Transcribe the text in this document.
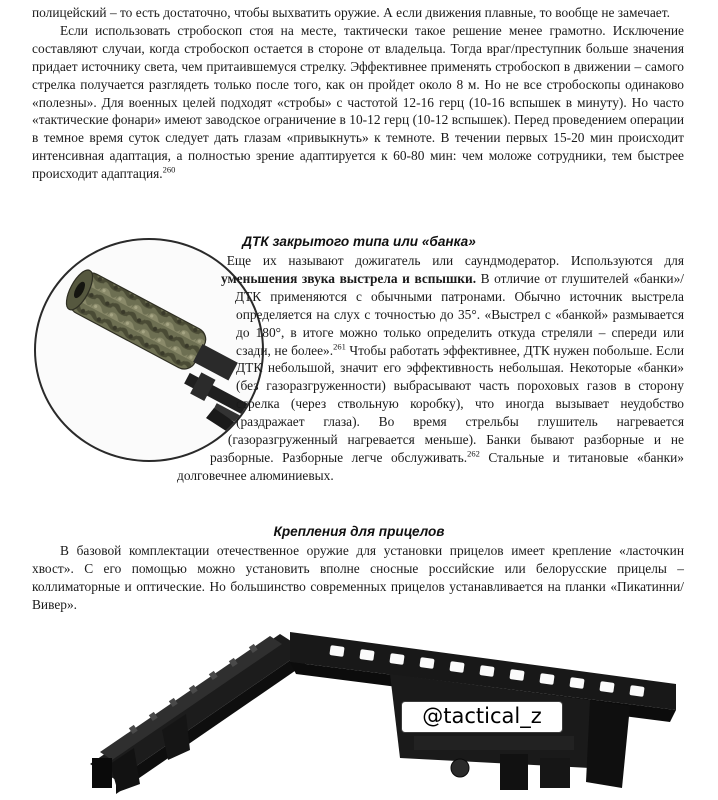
полицейский – то есть достаточно, чтобы выхватить оружие. А если движения плавные, то вообще не замечает.

Если использовать стробоскоп стоя на месте, тактически такое решение менее грамотно. Исключение составляют случаи, когда стробоскоп остается в стороне от владельца. Тогда враг/преступник больше значения придает источнику света, чем притаившемуся стрелку. Эффективнее применять стробоскоп в движении – самого стрелка получается разглядеть только после того, как он пройдет около 8 м. Но не все стробоскопы одинаково «полезны». Для военных целей подходят «стробы» с частотой 12-16 герц (10-16 вспышек в минуту). Но часто «тактические фонари» имеют заводское ограничение в 10-12 герц (10-12 вспышек). Перед проведением операции в темное время суток следует дать глазам «привыкнуть» к темноте. В течении первых 15-20 мин происходит интенсивная адаптация, а полностью зрение адаптируется к 60-80 мин: чем моложе сотрудники, тем быстрее происходит адаптация.$^{260}$

ДТК закрытого типа или «банка»

Еще их называют дожигатель или саундмодератор. Используются для уменьшения звука выстрела и вспышки. В отличие от глушителей «банки»/ДТК применяются с обычными патронами. Обычно источник выстрела определяется на слух с точностью до 35°. «Выстрел с «банкой» размывается до 180°, в итоге можно только определить откуда стреляли – спереди или сзади, не более».$^{261}$ Чтобы работать эффективнее, ДТК нужен побольше. Если ДТК небольшой, значит его эффективность небольшая. Некоторые «банки» (без газоразгруженности) выбрасывают часть пороховых газов в сторону стрелка (через ствольную коробку), что иногда вызывает неудобство (раздражает глаза). Во время стрельбы глушитель нагревается (газоразгруженный нагревается меньше). Банки бывают разборные и не разборные. Разборные легче обслуживать.$^{262}$ Стальные и титановые «банки» долговечнее алюминиевых.

Крепления для прицелов

В базовой комплектации отечественное оружие для установки прицелов имеет крепление «ласточкин хвост». С его помощью можно установить вполне сносные российские или белорусские прицелы – коллиматорные и оптические. Но большинство современных прицелов устанавливается на планки «Пикатинни/Вивер».

@tactical_z
